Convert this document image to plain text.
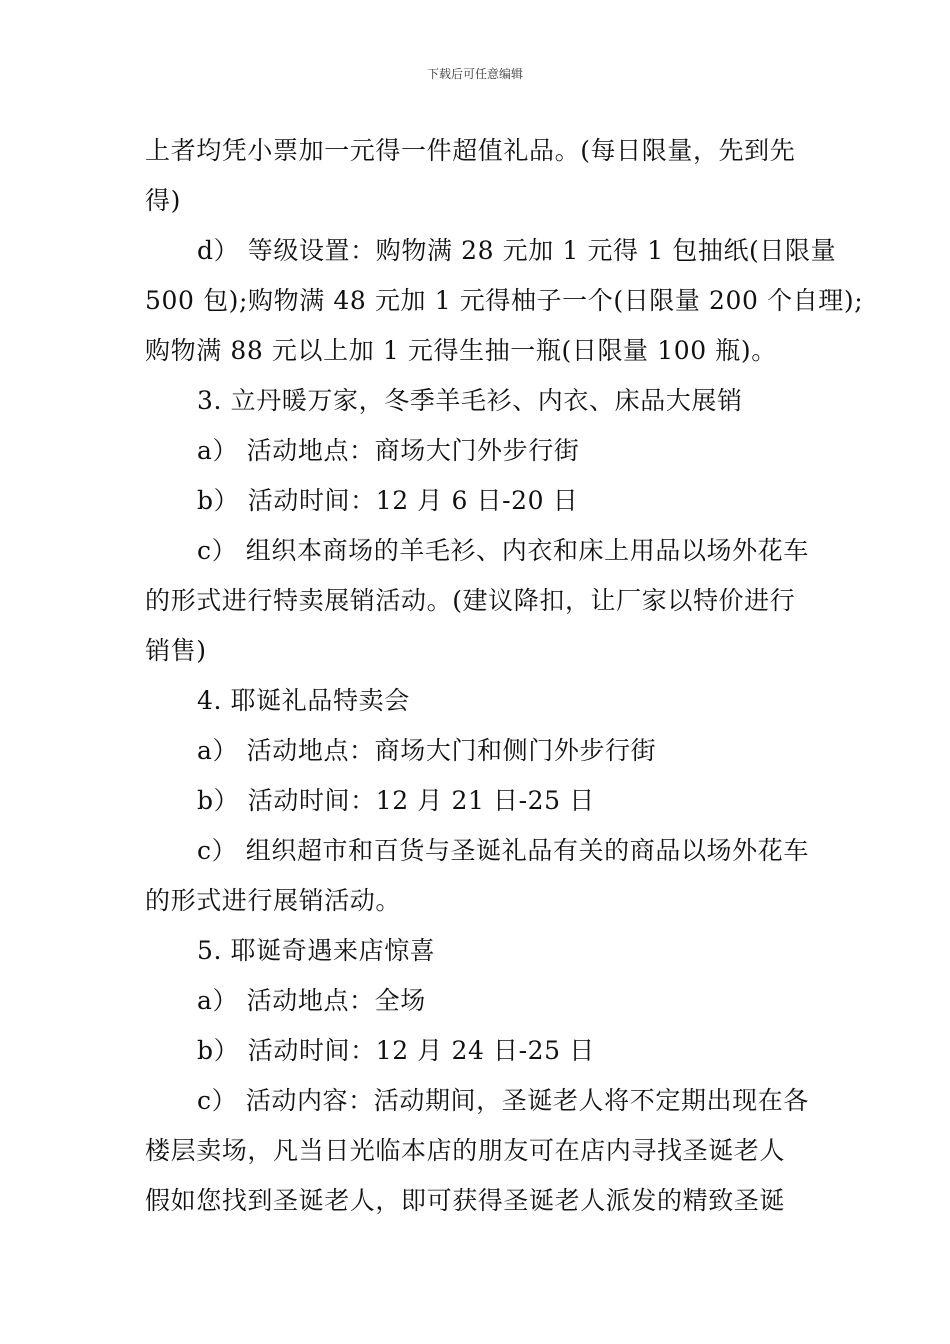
下载后可任意编辑

上者均凭小票加一元得一件超值礼品。(每日限量，先到先

得)

d） 等级设置：购物满 28 元加 1 元得 1 包抽纸(日限量

500 包);购物满 48 元加 1 元得柚子一个(日限量 200 个自理);

购物满 88 元以上加 1 元得生抽一瓶(日限量 100 瓶)。

3. 立丹暖万家，冬季羊毛衫、内衣、床品大展销

a） 活动地点：商场大门外步行街

b） 活动时间：12 月 6 日-20 日

c） 组织本商场的羊毛衫、内衣和床上用品以场外花车

的形式进行特卖展销活动。(建议降扣，让厂家以特价进行

销售)

4. 耶诞礼品特卖会

a） 活动地点：商场大门和侧门外步行街

b） 活动时间：12 月 21 日-25 日

c） 组织超市和百货与圣诞礼品有关的商品以场外花车

的形式进行展销活动。

5. 耶诞奇遇来店惊喜

a） 活动地点：全场

b） 活动时间：12 月 24 日-25 日

c） 活动内容：活动期间，圣诞老人将不定期出现在各

楼层卖场，凡当日光临本店的朋友可在店内寻找圣诞老人

假如您找到圣诞老人，即可获得圣诞老人派发的精致圣诞
